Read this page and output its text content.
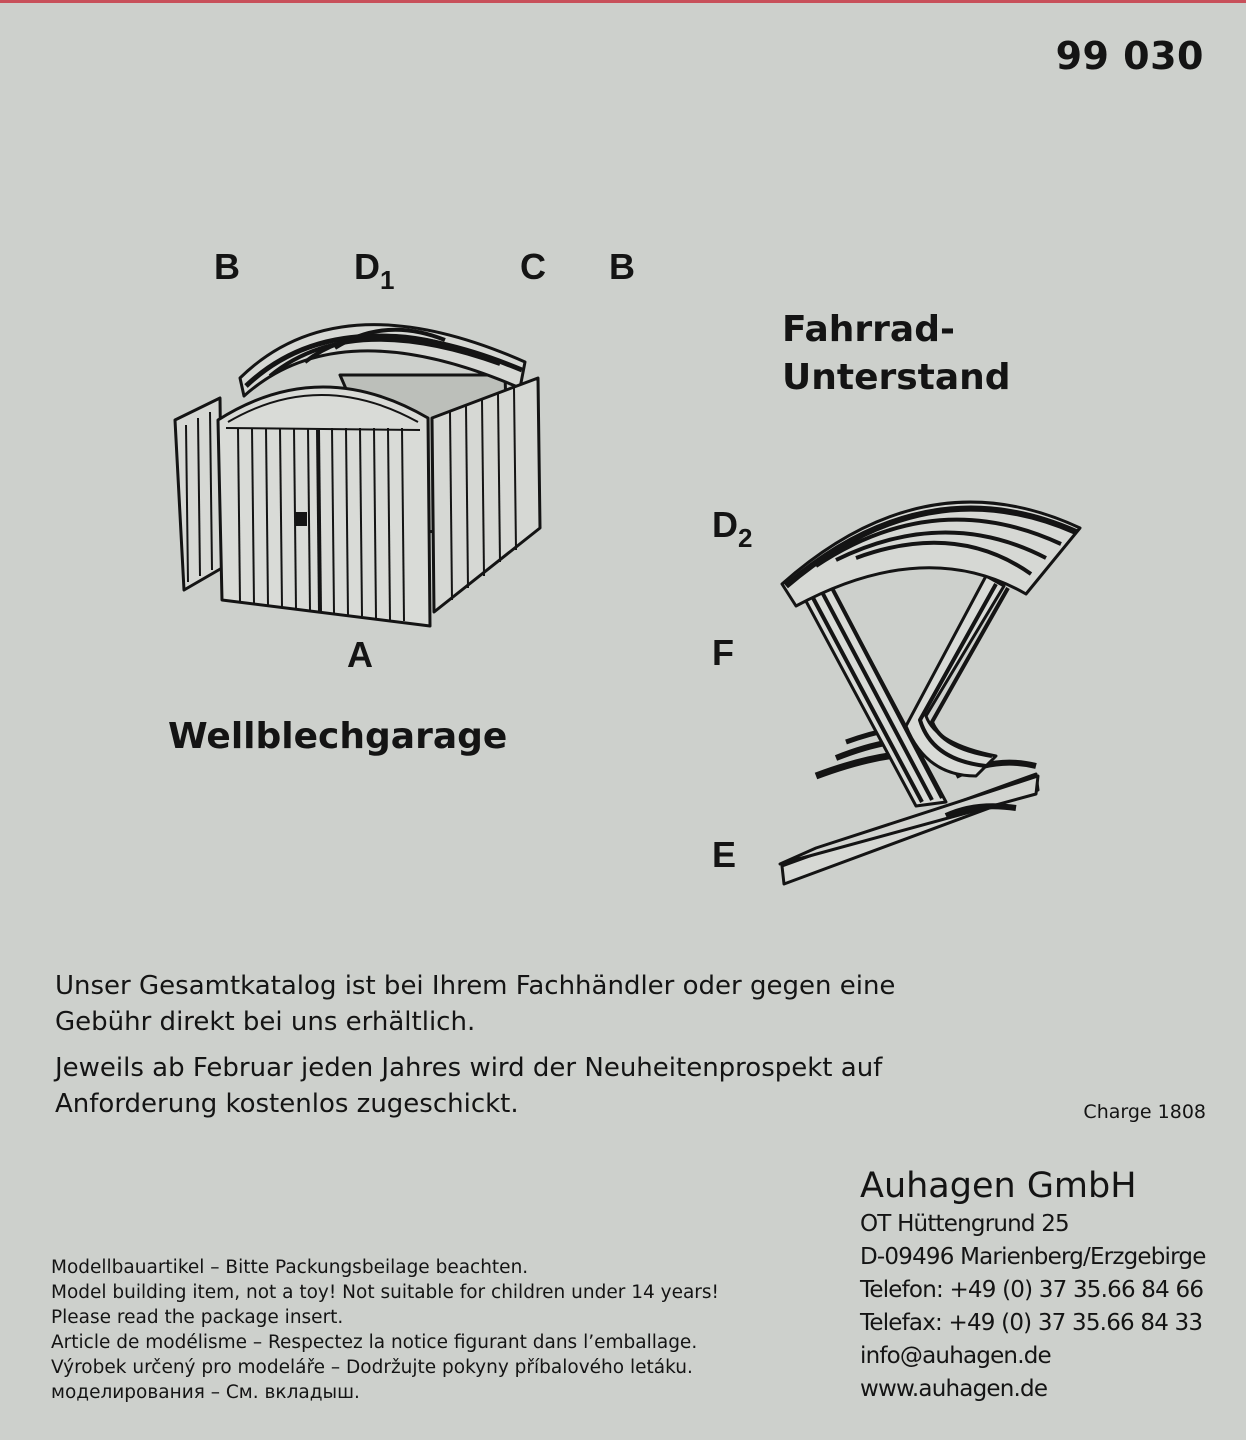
99 030
B	$D_1$	C B
A
Wellblechgarage
Fahrrad-
Unterstand
$D_2$
F
E
Unser Gesamtkatalog ist bei Ihrem Fachhändler oder gegen eine Gebühr direkt bei uns erhältlich.
Jeweils ab Februar jeden Jahres wird der Neuheitenprospekt auf Anforderung kostenlos zugeschickt.	Charge 1808
Auhagen GmbH
OT Hüttengrund 25
D-09496 Marienberg/Erzgebirge
Telefon: +49 (0) 37 35.66 84 66
Telefax: +49 (0) 37 35.66 84 33
info@auhagen.de
www.auhagen.de
Modellbauartikel – Bitte Packungsbeilage beachten.
Model building item, not a toy! Not suitable for children under 14 years!
Please read the package insert.
Article de modélisme – Respectez la notice figurant dans l’emballage.
Výrobek určený pro modeláře – Dodržujte pokyny příbalového letáku.
моделирования – См. вкладыш.
